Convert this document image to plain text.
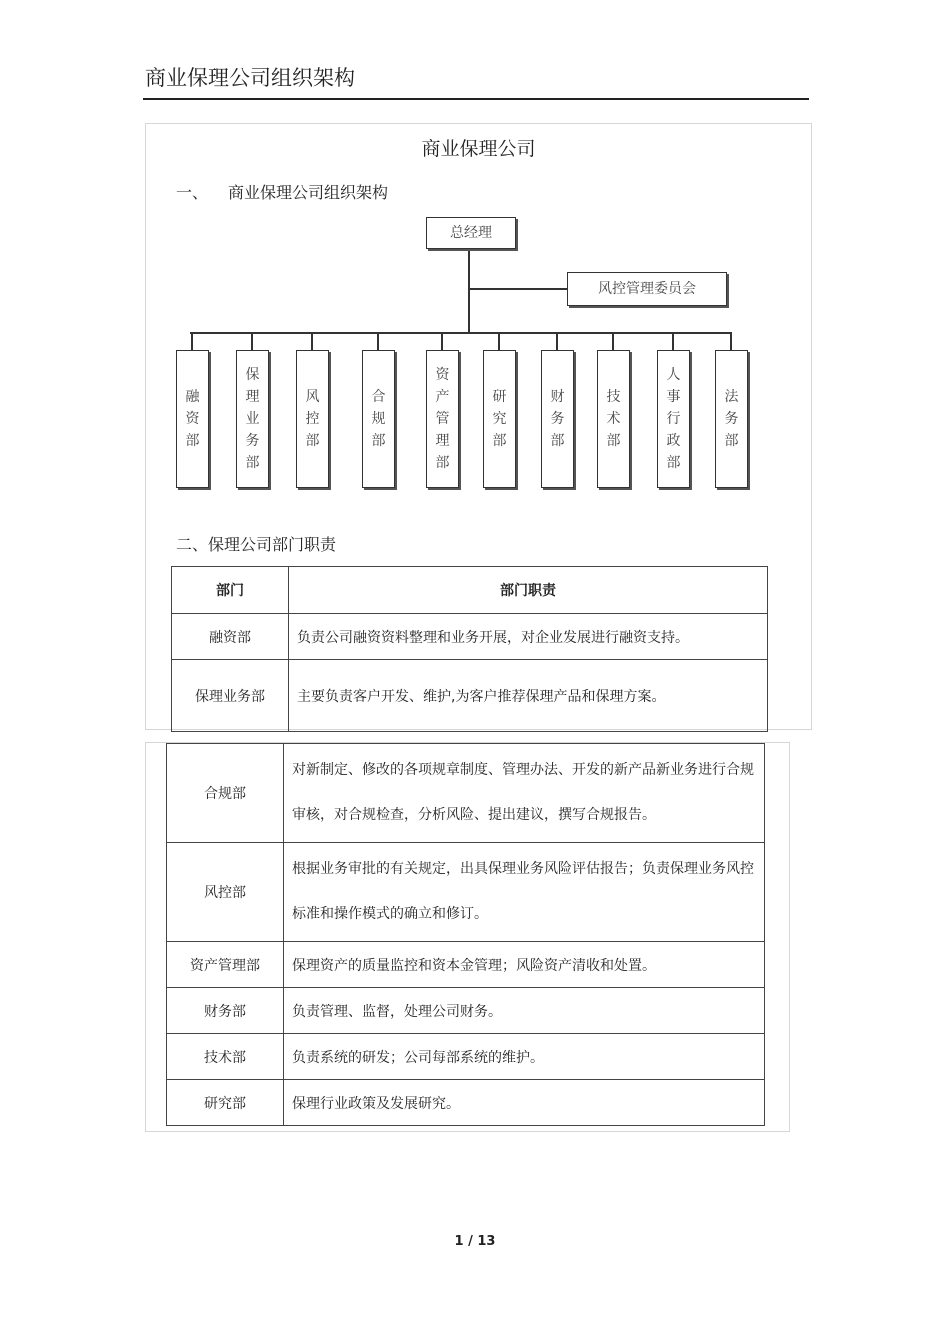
商业保理公司组织架构
商业保理公司
一、 商业保理公司组织架构
总经理
风控管理委员会
融
资
部
保
理
业
务
部
风
控
部
合
规
部
资
产
管
理
部
研
究
部
财
务
部
技
术
部
人
事
行
政
部
法
务
部
二、保理公司部门职责
部门	部门职责
融资部	负责公司融资资料整理和业务开展，对企业发展进行融资支持。
保理业务部	主要负责客户开发、维护,为客户推荐保理产品和保理方案。
合规部	对新制定、修改的各项规章制度、管理办法、开发的新产品新业务进行合规审核，对合规检查，分析风险、提出建议，撰写合规报告。
风控部	根据业务审批的有关规定，出具保理业务风险评估报告；负责保理业务风控标准和操作模式的确立和修订。
资产管理部	保理资产的质量监控和资本金管理；风险资产清收和处置。
财务部	负责管理、监督，处理公司财务。
技术部	负责系统的研发；公司每部系统的维护。
研究部	保理行业政策及发展研究。
1 / 13
